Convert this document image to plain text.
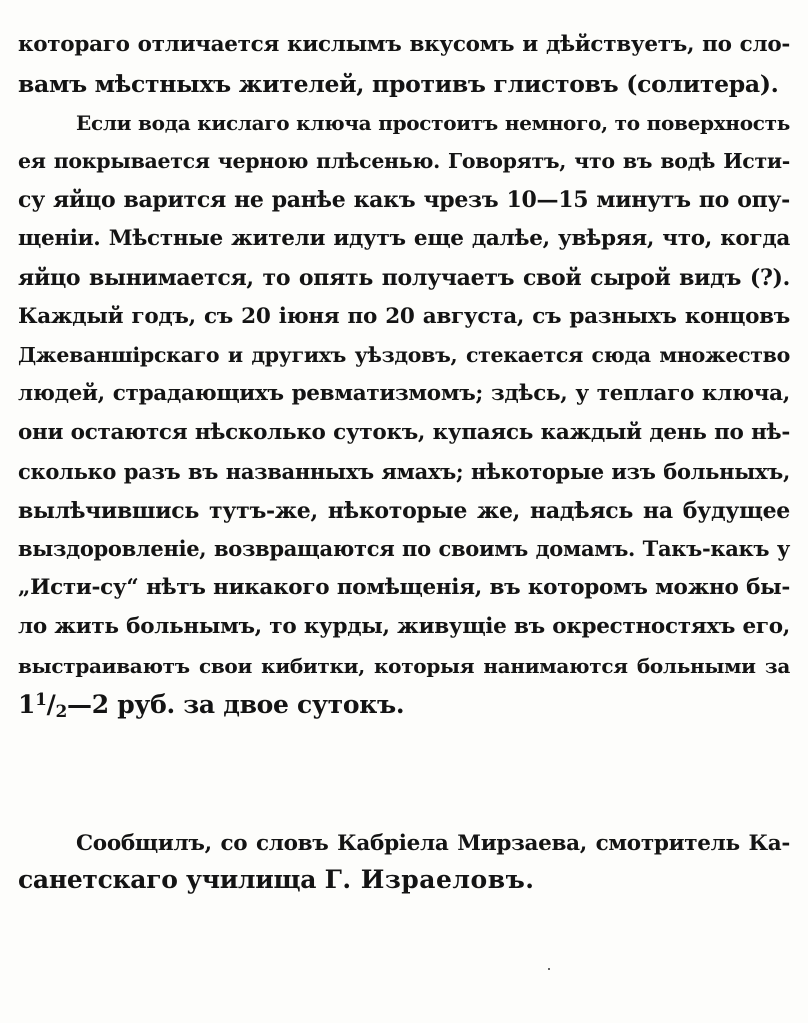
котораго отличается кислымъ вкусомъ и дѣйствуетъ, по сло-
вамъ мѣстныхъ жителей, противъ глистовъ (солитера).
Если вода кислаго ключа простоитъ немного, то поверхность
ея покрывается черною плѣсенью. Говорятъ, что въ водѣ Исти-
су яйцо варится не ранѣе какъ чрезъ 10—15 минутъ по опу-
щеніи. Мѣстные жители идутъ еще далѣе, увѣряя, что, когда
яйцо вынимается, то опять получаетъ свой сырой видъ (?).
Каждый годъ, съ 20 іюня по 20 августа, съ разныхъ концовъ
Джеваншірскаго и другихъ уѣздовъ, стекается сюда множество
людей, страдающихъ ревматизмомъ; здѣсь, у теплаго ключа,
они остаются нѣсколько сутокъ, купаясь каждый день по нѣ-
сколько разъ въ названныхъ ямахъ; нѣкоторые изъ больныхъ,
вылѣчившись тутъ-же, нѣкоторые же, надѣясь на будущее
выздоровленіе, возвращаются по своимъ домамъ. Такъ-какъ у
„Исти-су“ нѣтъ никакого помѣщенія, въ которомъ можно бы-
ло жить больнымъ, то курды, живущіе въ окрестностяхъ его,
выстраиваютъ свои кибитки, которыя нанимаются больными за
$1^1/2—2$ руб. за двое сутокъ.
Сообщилъ, со словъ Кабріела Мирзаева, смотритель Ка-
санетскаго училища Г. Израеловъ.
